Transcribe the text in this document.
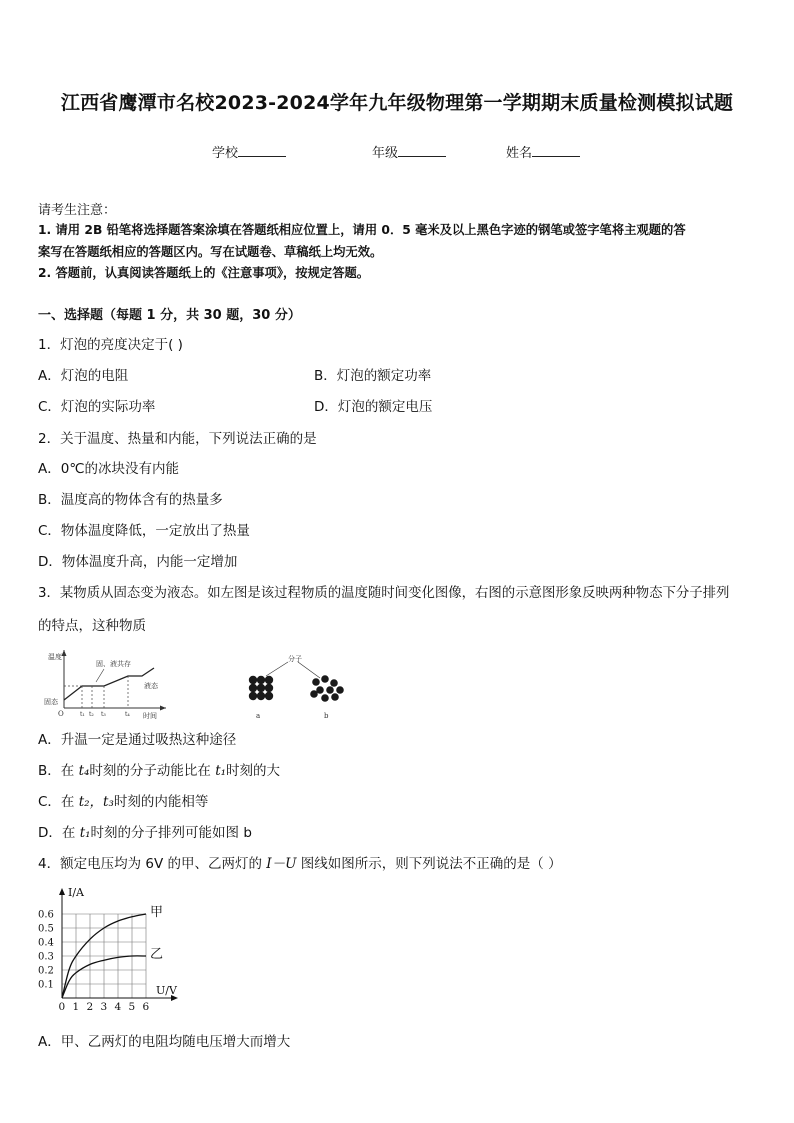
江西省鹰潭市名校2023-2024学年九年级物理第一学期期末质量检测模拟试题
学校	年级	姓名
请考生注意：
1. 请用 2B 铅笔将选择题答案涂填在答题纸相应位置上，请用 0．5 毫米及以上黑色字迹的钢笔或签字笔将主观题的答
案写在答题纸相应的答题区内。写在试题卷、草稿纸上均无效。
2. 答题前，认真阅读答题纸上的《注意事项》，按规定答题。
一、选择题（每题 1 分，共 30 题，30 分）
1．灯泡的亮度决定于( )
A．灯泡的电阻	B．灯泡的额定功率
C．灯泡的实际功率	D．灯泡的额定电压
2．关于温度、热量和内能，下列说法正确的是
A．0℃的冰块没有内能
B．温度高的物体含有的热量多
C．物体温度降低，一定放出了热量
D．物体温度升高，内能一定增加
3．某物质从固态变为液态。如左图是该过程物质的温度随时间变化图像，右图的示意图形象反映两种物态下分子排列
的特点，这种物质
温度
时间
O	t₁ t₂ t₃	t₄
固态
固、液共存
液态
分子
a	b
A．升温一定是通过吸热这种途径
B．在 t₄时刻的分子动能比在 t₁时刻的大
C．在 t₂，t₃时刻的内能相等
D．在 t₁时刻的分子排列可能如图 b
4．额定电压均为 6V 的甲、乙两灯的 I－U 图线如图所示，则下列说法不正确的是（ ）
0 1 2 3 4 5 6
0.1
0.2
0.3
0.4
0.5
0.6	甲
乙
I/A
U/V
A．甲、乙两灯的电阻均随电压增大而增大
